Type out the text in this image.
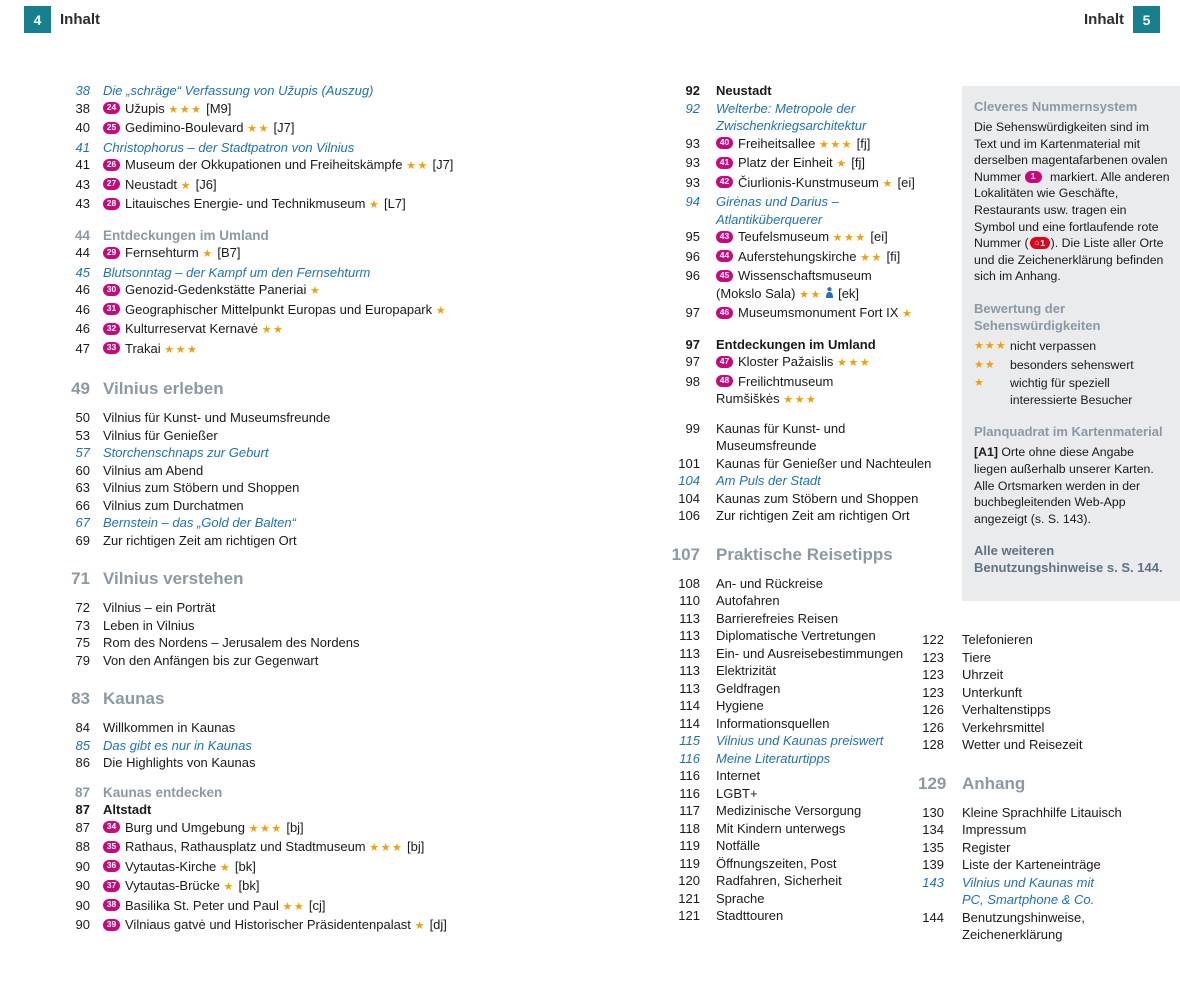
4	Inhalt	Inhalt	5
38 Die „schräge“ Verfassung von Užupis (Auszug)
38	24 Užupis ★★★ [M9]
40	25 Gedimino-Boulevard ★★ [J7]
41 Christophorus – der Stadtpatron von Vilnius
41	26 Museum der Okkupationen und Freiheitskämpfe ★★ [J7]
43	27 Neustadt ★ [J6]
43	28 Litauisches Energie- und Technikmuseum ★ [L7]
44 Entdeckungen im Umland
44	29 Fernsehturm ★ [B7]
45 Blutsonntag – der Kampf um den Fernsehturm
46	30 Genozid-Gedenkstätte Paneriai ★
46	31 Geographischer Mittelpunkt Europas und Europapark ★
46	32 Kulturreservat Kernavė ★★
47	33 Trakai ★★★
49 Vilnius erleben
50 Vilnius für Kunst- und Museumsfreunde
53 Vilnius für Genießer
57 Storchenschnaps zur Geburt
60 Vilnius am Abend
63 Vilnius zum Stöbern und Shoppen
66 Vilnius zum Durchatmen
67 Bernstein – das „Gold der Balten“
69 Zur richtigen Zeit am richtigen Ort
71 Vilnius verstehen
72 Vilnius – ein Porträt
73 Leben in Vilnius
75 Rom des Nordens – Jerusalem des Nordens
79 Von den Anfängen bis zur Gegenwart
83 Kaunas
84 Willkommen in Kaunas
85 Das gibt es nur in Kaunas
86 Die Highlights von Kaunas
87 Kaunas entdecken
87 Altstadt
87	34 Burg und Umgebung ★★★ [bj]
88	35 Rathaus, Rathausplatz und Stadtmuseum ★★★ [bj]
90	36 Vytautas-Kirche ★ [bk]
90	37 Vytautas-Brücke ★ [bk]
90	38 Basilika St. Peter und Paul ★★ [cj]
90	39 Vilniaus gatvė und Historischer Präsidentenpalast ★ [dj]
92 Neustadt
92 Welterbe: Metropole der
Zwischenkriegsarchitektur
93	40 Freiheitsallee ★★★ [fj]
93	41 Platz der Einheit ★ [fj]
93	42 Čiurlionis-Kunstmuseum ★ [ei]
94 Girėnas und Darius –
Atlantiküberquerer
95	43 Teufelsmuseum ★★★ [ei]
96	44 Auferstehungskirche ★★ [fi]
96	45 Wissenschaftsmuseum
(Mokslo Sala) ★★ [ek]
97	46 Museumsmonument Fort IX ★
97 Entdeckungen im Umland
97	47 Kloster Pažaislis ★★★
98	48 Freilichtmuseum
Rumšiškės ★★★
99 Kaunas für Kunst- und
Museumsfreunde
101 Kaunas für Genießer und Nachteulen
104 Am Puls der Stadt
104 Kaunas zum Stöbern und Shoppen
106 Zur richtigen Zeit am richtigen Ort
107 Praktische Reisetipps
108 An- und Rückreise
110 Autofahren
113 Barrierefreies Reisen
113 Diplomatische Vertretungen
113 Ein- und Ausreisebestimmungen
113 Elektrizität
113 Geldfragen
114 Hygiene
114 Informationsquellen
115 Vilnius und Kaunas preiswert
116 Meine Literaturtipps
116 Internet
116 LGBT+
117 Medizinische Versorgung
118 Mit Kindern unterwegs
119 Notfälle
119 Öffnungszeiten, Post
120 Radfahren, Sicherheit
121 Sprache
121 Stadttouren
Cleveres Nummernsystem
Die Sehenswürdigkeiten sind im Text und im Kartenmaterial mit derselben magentafarbenen ovalen Nummer 1 markiert. Alle anderen Lokalitäten wie Geschäfte, Restaurants usw. tragen ein Symbol und eine fortlaufende rote Nummer ( ⌂ 1 ). Die Liste aller Orte und die Zeichenerklärung befinden sich im Anhang.
Bewertung der Sehenswürdigkeiten
★★★ nicht verpassen
★★	besonders sehenswert
★	wichtig für speziell interessierte Besucher
Planquadrat im Kartenmaterial
[A1] Orte ohne diese Angabe liegen außerhalb unserer Karten. Alle Ortsmarken werden in der buchbegleitenden Web-App angezeigt (s. S. 143).
Alle weiteren Benutzungshinweise s. S. 144.
122 Telefonieren
123 Tiere
123 Uhrzeit
123 Unterkunft
126 Verhaltenstipps
126 Verkehrsmittel
128 Wetter und Reisezeit
129 Anhang
130 Kleine Sprachhilfe Litauisch
134 Impressum
135 Register
139 Liste der Karteneinträge
143 Vilnius und Kaunas mit
PC, Smartphone & Co.
144 Benutzungshinweise,
Zeichenerklärung
